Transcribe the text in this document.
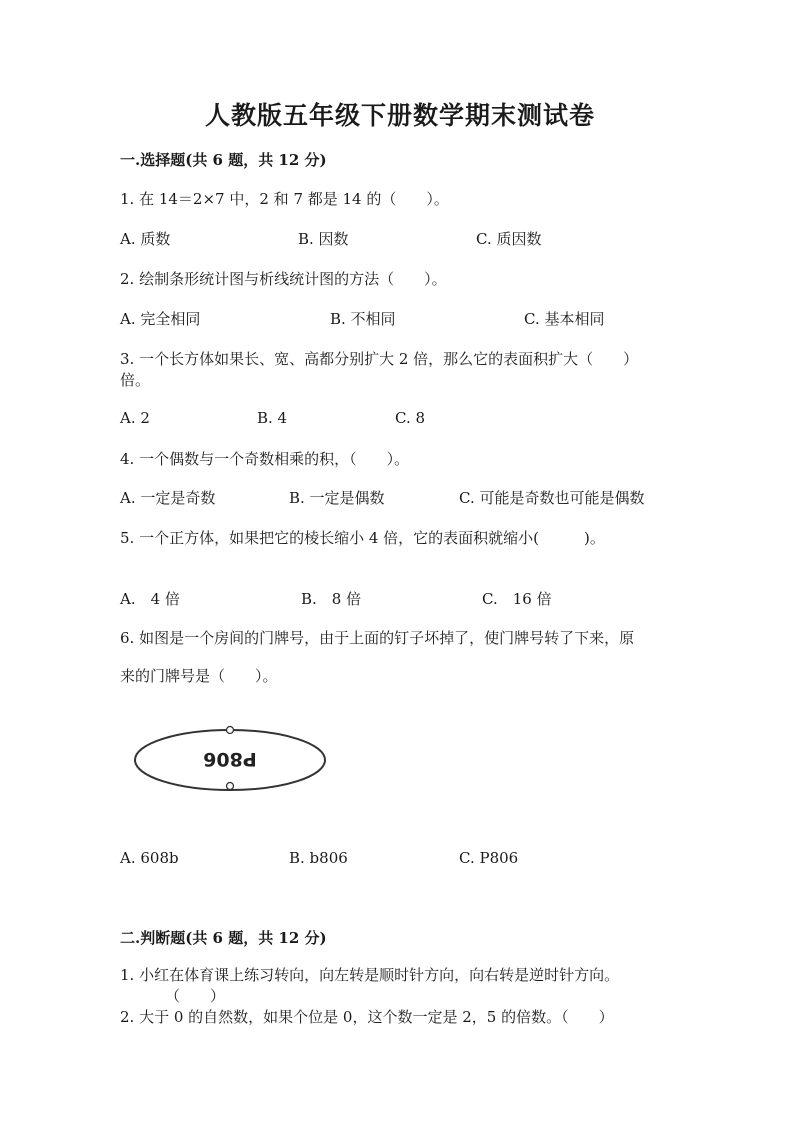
人教版五年级下册数学期末测试卷
一.选择题(共 6 题，共 12 分)
1. 在 14＝2×7 中，2 和 7 都是 14 的（　　）。
A. 质数	B. 因数	C. 质因数
2. 绘制条形统计图与析线统计图的方法（　　）。
A. 完全相同	B. 不相同	C. 基本相同
3. 一个长方体如果长、宽、高都分别扩大 2 倍，那么它的表面积扩大（　　）
倍。
A. 2	B. 4	C. 8
4. 一个偶数与一个奇数相乘的积，（　　）。
A. 一定是奇数	B. 一定是偶数	C. 可能是奇数也可能是偶数
5. 一个正方体，如果把它的棱长缩小 4 倍，它的表面积就缩小(　　　)。
A.　4 倍	B.　8 倍	C.　16 倍
6. 如图是一个房间的门牌号，由于上面的钉子坏掉了，使门牌号转了下来，原
来的门牌号是（　　）。
P806
A. 608b	B. b806	C. P806
二.判断题(共 6 题，共 12 分)
1. 小红在体育课上练习转向，向左转是顺时针方向，向右转是逆时针方向。
（　　）
2. 大于 0 的自然数，如果个位是 0，这个数一定是 2，5 的倍数。（　　）
